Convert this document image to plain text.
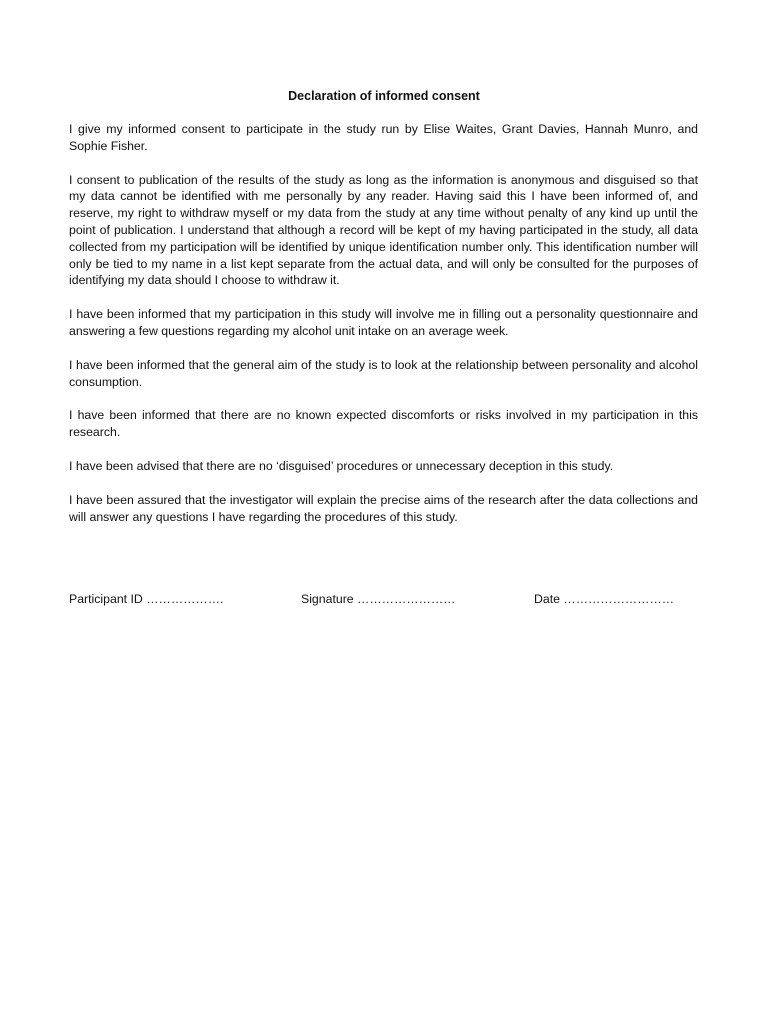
Declaration of informed consent

I give my informed consent to participate in the study run by Elise Waites, Grant Davies, Hannah Munro, and Sophie Fisher.

I consent to publication of the results of the study as long as the information is anonymous and disguised so that my data cannot be identified with me personally by any reader. Having said this I have been informed of, and reserve, my right to withdraw myself or my data from the study at any time without penalty of any kind up until the point of publication. I understand that although a record will be kept of my having participated in the study, all data collected from my participation will be identified by unique identification number only. This identification number will only be tied to my name in a list kept separate from the actual data, and will only be consulted for the purposes of identifying my data should I choose to withdraw it.

I have been informed that my participation in this study will involve me in filling out a personality questionnaire and answering a few questions regarding my alcohol unit intake on an average week.

I have been informed that the general aim of the study is to look at the relationship between personality and alcohol consumption.

I have been informed that there are no known expected discomforts or risks involved in my participation in this research.

I have been advised that there are no ‘disguised’ procedures or unnecessary deception in this study.

I have been assured that the investigator will explain the precise aims of the research after the data collections and will answer any questions I have regarding the procedures of this study.

Participant ID ……………….	Signature ……………………	Date ………………………
